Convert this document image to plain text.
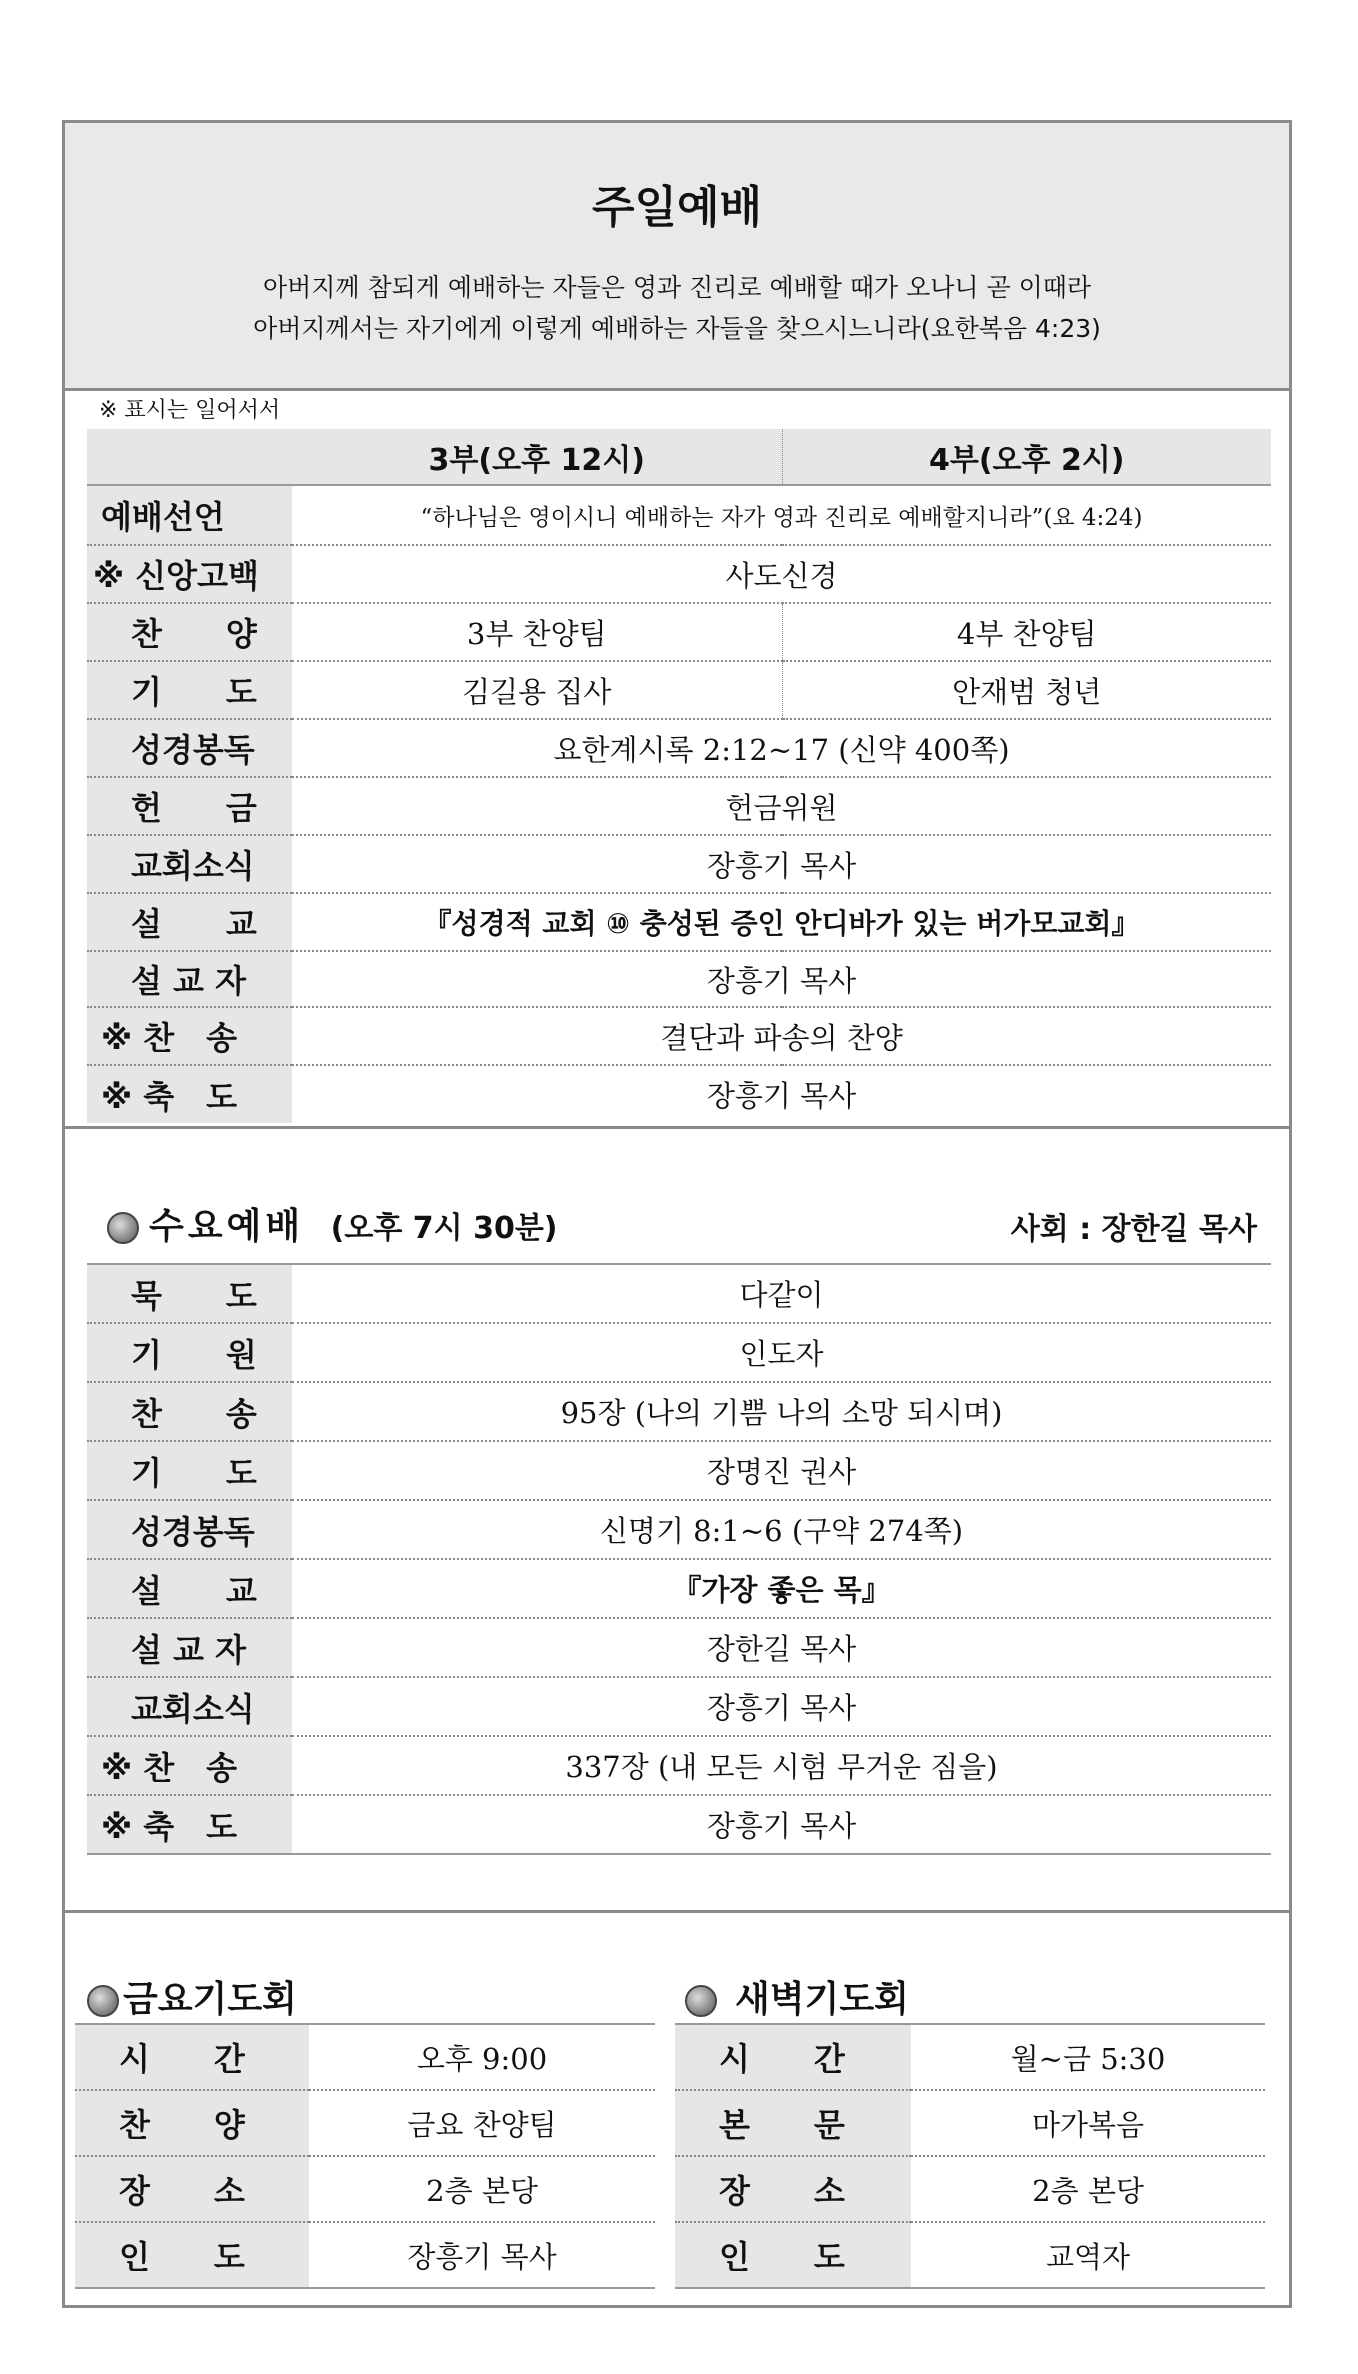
주일예배
아버지께 참되게 예배하는 자들은 영과 진리로 예배할 때가 오나니 곧 이때라
아버지께서는 자기에게 이렇게 예배하는 자들을 찾으시느니라(요한복음 4:23)
※ 표시는 일어서서
	3부(오후 12시)	4부(오후 2시)
예배선언	“하나님은 영이시니 예배하는 자가 영과 진리로 예배할지니라”(요 4:24)	
※ 신앙고백	사도신경	
찬　　양	3부 찬양팀	4부 찬양팀
기　　도	김길용 집사	안재범 청년
성경봉독	요한계시록 2:12~17 (신약 400쪽)	
헌　　금	헌금위원	
교회소식	장흥기 목사	
설　　교	『성경적 교회 ⑩ 충성된 증인 안디바가 있는 버가모교회』	
설 교 자	장흥기 목사	
※ 찬　송	결단과 파송의 찬양	
※ 축　도	장흥기 목사	
수요예배 (오후 7시 30분)	사회 : 장한길 목사
묵　　도	다같이
기　　원	인도자
찬　　송	95장 (나의 기쁨 나의 소망 되시며)
기　　도	장명진 권사
성경봉독	신명기 8:1~6 (구약 274쪽)
설　　교	『가장 좋은 목』
설 교 자	장한길 목사
교회소식	장흥기 목사
※ 찬　송	337장 (내 모든 시험 무거운 짐을)
※ 축　도	장흥기 목사
금요기도회	새벽기도회
시　　간	오후 9:00
찬　　양	금요 찬양팀
장　　소	2층 본당
인　　도	장흥기 목사
시　　간	월~금 5:30
본　　문	마가복음
장　　소	2층 본당
인　　도	교역자
